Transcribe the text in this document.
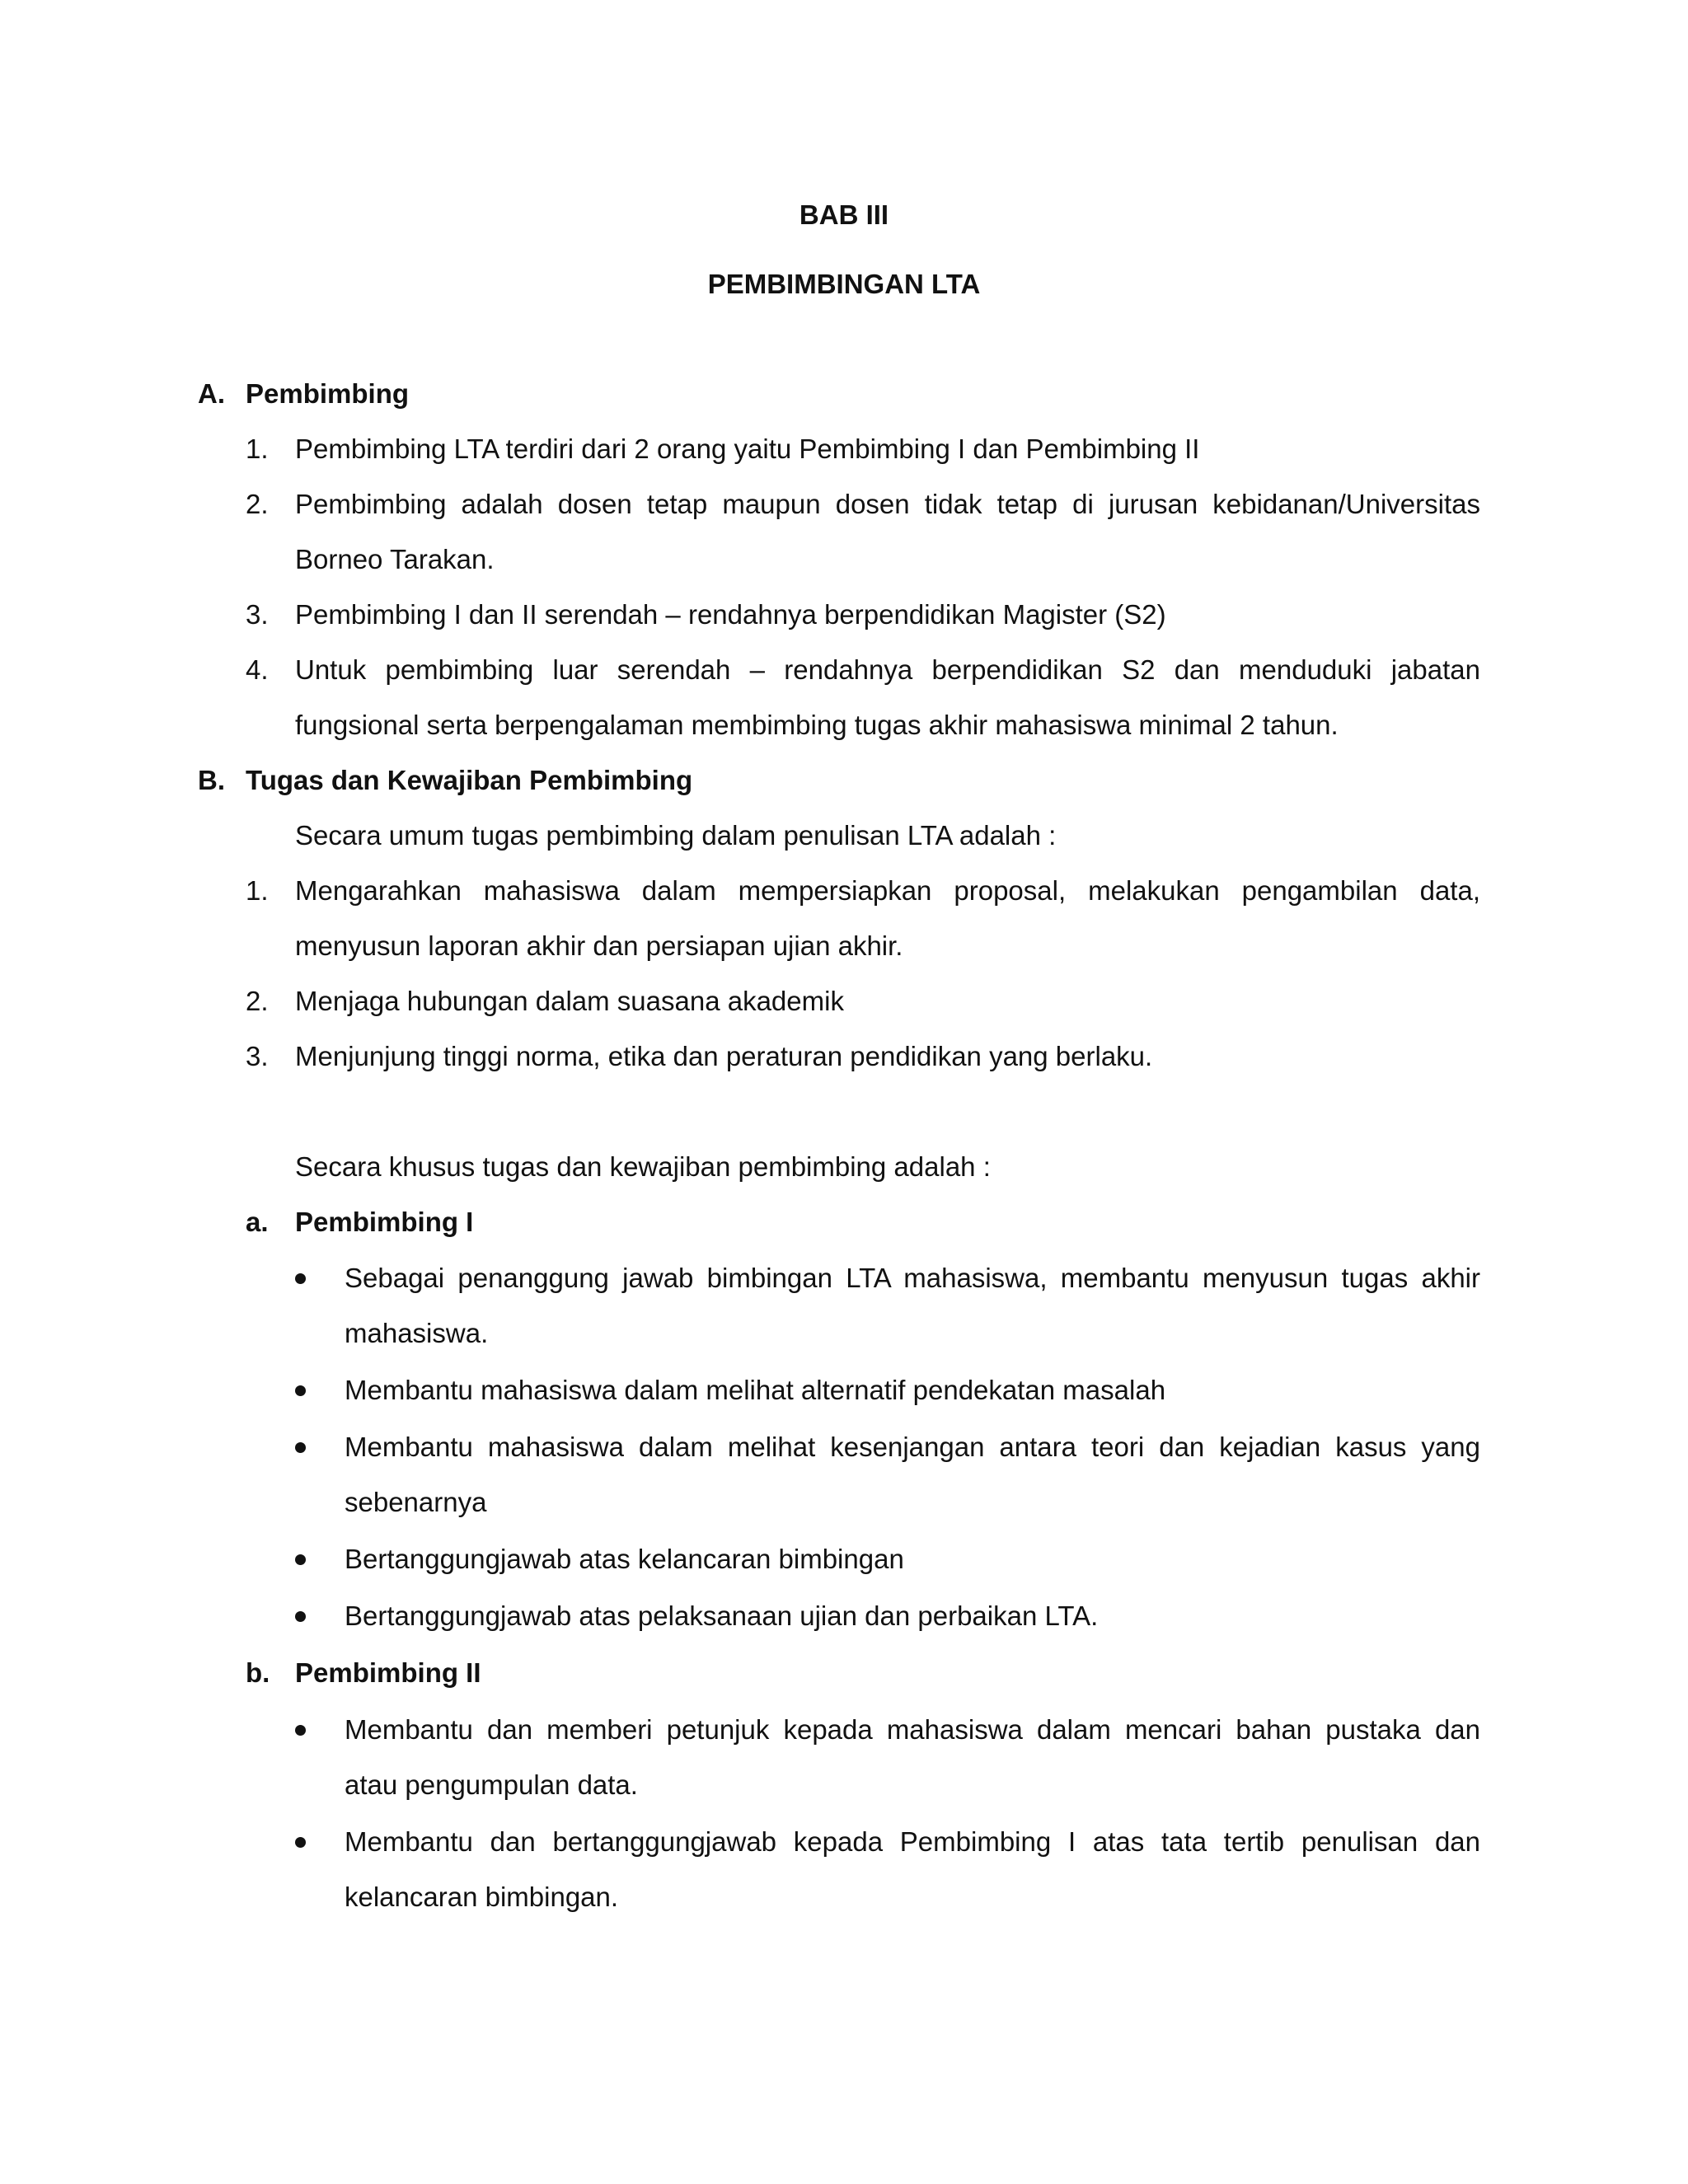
BAB III
PEMBIMBINGAN LTA
A. Pembimbing
1. Pembimbing LTA terdiri dari 2 orang yaitu Pembimbing I dan Pembimbing II
2. Pembimbing adalah dosen tetap maupun dosen tidak tetap di jurusan kebidanan/Universitas
Borneo Tarakan.
3. Pembimbing I dan II serendah – rendahnya berpendidikan Magister (S2)
4. Untuk pembimbing luar serendah – rendahnya berpendidikan S2 dan menduduki jabatan
fungsional serta berpengalaman membimbing tugas akhir mahasiswa minimal 2 tahun.
B. Tugas dan Kewajiban Pembimbing
Secara umum tugas pembimbing dalam penulisan LTA adalah :
1. Mengarahkan mahasiswa dalam mempersiapkan proposal, melakukan pengambilan data,
menyusun laporan akhir dan persiapan ujian akhir.
2. Menjaga hubungan dalam suasana akademik
3. Menjunjung tinggi norma, etika dan peraturan pendidikan yang berlaku.
Secara khusus tugas dan kewajiban pembimbing adalah :
a. Pembimbing I
Sebagai penanggung jawab bimbingan LTA mahasiswa, membantu menyusun tugas akhir
mahasiswa.
Membantu mahasiswa dalam melihat alternatif pendekatan masalah
Membantu mahasiswa dalam melihat kesenjangan antara teori dan kejadian kasus yang
sebenarnya
Bertanggungjawab atas kelancaran bimbingan
Bertanggungjawab atas pelaksanaan ujian dan perbaikan LTA.
b. Pembimbing II
Membantu dan memberi petunjuk kepada mahasiswa dalam mencari bahan pustaka dan
atau pengumpulan data.
Membantu dan bertanggungjawab kepada Pembimbing I atas tata tertib penulisan dan
kelancaran bimbingan.
